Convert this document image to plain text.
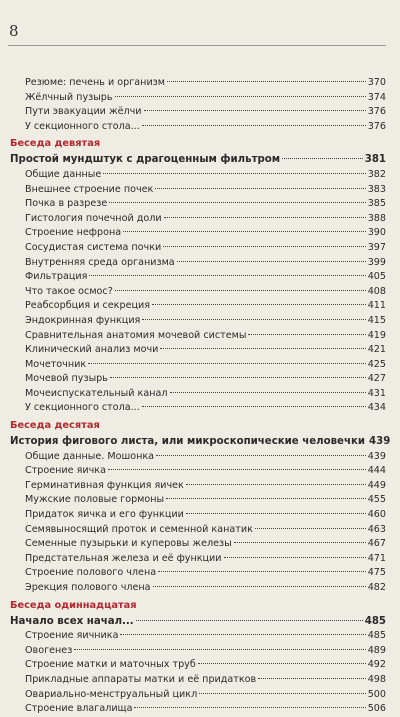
8
Резюме: печень и организм	370
Жёлчный пузырь	374
Пути эвакуации жёлчи	376
У секционного стола...	376
Беседа девятая
Простой мундштук с драгоценным фильтром	381
Общие данные	382
Внешнее строение почек	383
Почка в разрезе	385
Гистология почечной доли	388
Строение нефрона	390
Сосудистая система почки	397
Внутренняя среда организма	399
Фильтрация	405
Что такое осмос?	408
Реабсорбция и секреция	411
Эндокринная функция	415
Сравнительная анатомия мочевой системы	419
Клинический анализ мочи	421
Мочеточник	425
Мочевой пузырь	427
Мочеиспускательный канал	431
У секционного стола...	434
Беседа десятая
История фигового листа, или микроскопические человечки 439
Общие данные. Мошонка	439
Строение яичка	444
Герминативная функция яичек	449
Мужские половые гормоны	455
Придаток яичка и его функции	460
Семявыносящий проток и семенной канатик	463
Семенные пузырьки и куперовы железы	467
Предстательная железа и её функции	471
Строение полового члена	475
Эрекция полового члена	482
Беседа одиннадцатая
Начало всех начал...	485
Строение яичника	485
Овогенез	489
Строение матки и маточных труб	492
Прикладные аппараты матки и её придатков	498
Овариально-менструальный цикл	500
Строение влагалища	506
